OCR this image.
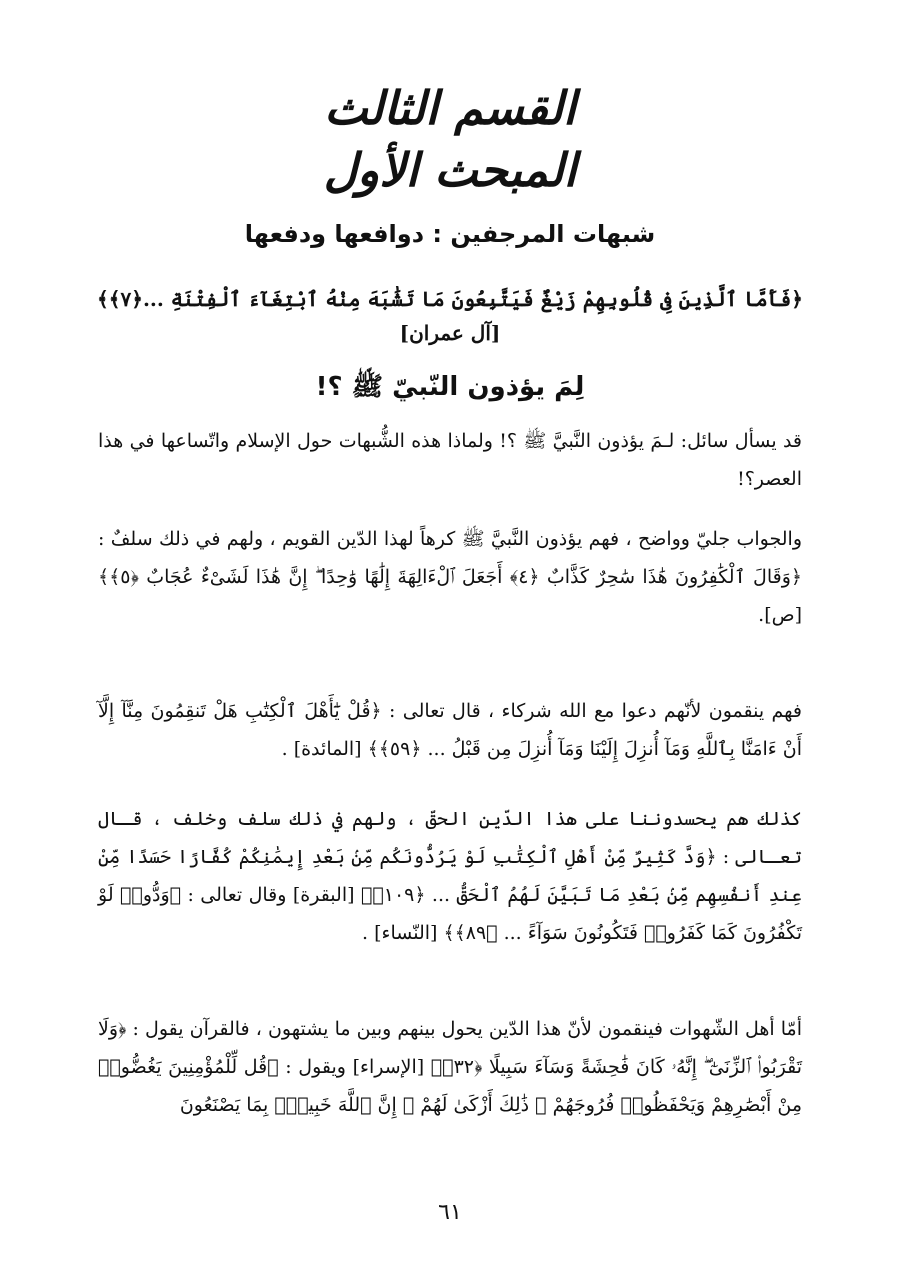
القسم الثالث
المبحث الأول
شبهات المرجفين : دوافعها ودفعها
﴿فَأَمَّا ٱلَّذِينَ فِى قُلُوبِهِمْ زَيْغٌ فَيَتَّبِعُونَ مَا تَشَٰبَهَ مِنْهُ ٱبْتِغَآءَ ٱلْفِتْنَةِ ...﴿٧﴾﴾ [آل عمران]
لِمَ يؤذون النّبيّ ﷺ ؟!
قد يسأل سائل: لـمَ يؤذون النَّبيَّ ﷺ ؟! ولماذا هذه الشُّبهات حول الإسلام واتّساعها في هذا العصر؟!
والجواب جليّ وواضح ، فهم يؤذون النَّبيَّ ﷺ كرهاً لهذا الدّين القويم ، ولهم في ذلك سلفٌ : ﴿وَقَالَ ٱلْكَٰفِرُونَ هَٰذَا سَٰحِرٌ كَذَّابٌ ﴿٤﴾ أَجَعَلَ ٱلْءَالِهَةَ إِلَٰهًا وَٰحِدًا ۖ إِنَّ هَٰذَا لَشَىْءٌ عُجَابٌ ﴿٥﴾﴾ [ص].
فهم ينقمون لأنّهم دعوا مع الله شركاء ، قال تعالى : ﴿قُلْ يَٰٓأَهْلَ ٱلْكِتَٰبِ هَلْ تَنقِمُونَ مِنَّآ إِلَّآ أَنْ ءَامَنَّا بِٱللَّهِ وَمَآ أُنزِلَ إِلَيْنَا وَمَآ أُنزِلَ مِن قَبْلُ ... ﴿٥٩﴾﴾ [المائدة] .
كذلك هم يحسدوننا على هذا الدّين الحقّ ، ولهم في ذلك سلف وخلف ، قـال تعـالى : ﴿وَدَّ كَثِيرٌ مِّنْ أَهْلِ ٱلْكِتَٰبِ لَوْ يَرُدُّونَكُم مِّنۢ بَعْدِ إِيمَٰنِكُمْ كُفَّارًا حَسَدًا مِّنْ عِندِ أَنفُسِهِم مِّنۢ بَعْدِ مَا تَبَيَّنَ لَهُمُ ٱلْحَقُّ ... ﴿١٠٩﴾﴾ [البقرة] وقال تعالى : ﴿وَدُّوا۟ لَوْ تَكْفُرُونَ كَمَا كَفَرُوا۟ فَتَكُونُونَ سَوَآءً ... ﴿٨٩﴾﴾ [النّساء] .
أمّا أهل الشّهوات فينقمون لأنّ هذا الدّين يحول بينهم وبين ما يشتهون ، فالقرآن يقول : ﴿وَلَا تَقْرَبُوا۟ ٱلزِّنَىٰٓ ۖ إِنَّهُۥ كَانَ فَٰحِشَةً وَسَآءَ سَبِيلًا ﴿٣٢﴾﴾ [الإسراء] ويقول : ﴿قُل لِّلْمُؤْمِنِينَ يَغُضُّوا۟ مِنْ أَبْصَٰرِهِمْ وَيَحْفَظُوا۟ فُرُوجَهُمْ ۚ ذَٰلِكَ أَزْكَىٰ لَهُمْ ۗ إِنَّ ٱللَّهَ خَبِيرٌۢ بِمَا يَصْنَعُونَ
٦١
